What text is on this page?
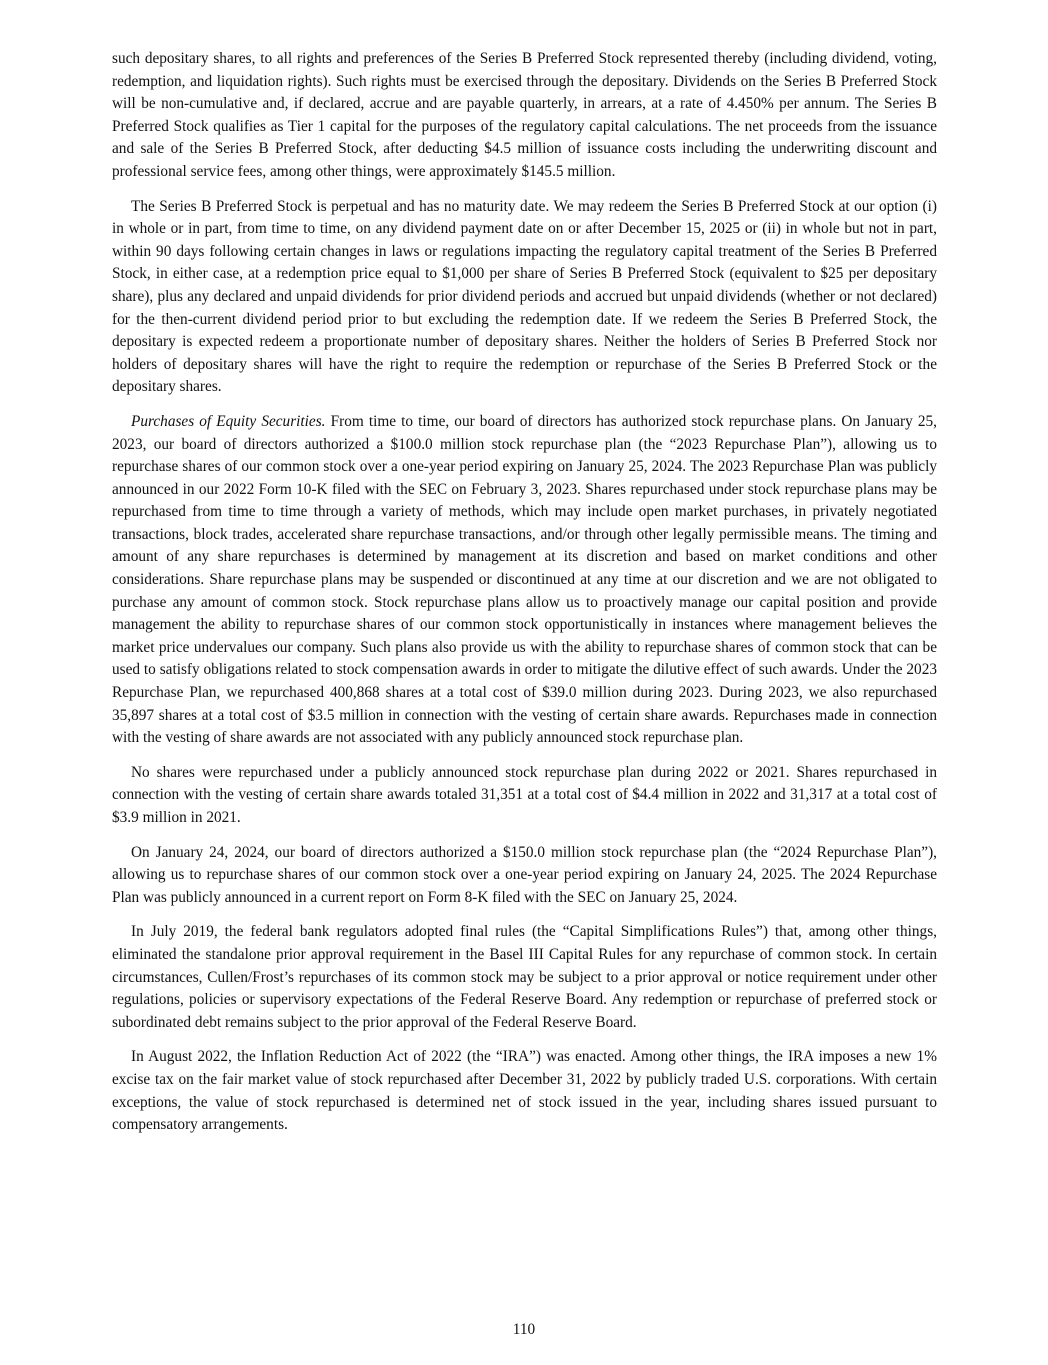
such depositary shares, to all rights and preferences of the Series B Preferred Stock represented thereby (including dividend, voting, redemption, and liquidation rights). Such rights must be exercised through the depositary. Dividends on the Series B Preferred Stock will be non-cumulative and, if declared, accrue and are payable quarterly, in arrears, at a rate of 4.450% per annum. The Series B Preferred Stock qualifies as Tier 1 capital for the purposes of the regulatory capital calculations. The net proceeds from the issuance and sale of the Series B Preferred Stock, after deducting $4.5 million of issuance costs including the underwriting discount and professional service fees, among other things, were approximately $145.5 million.

The Series B Preferred Stock is perpetual and has no maturity date. We may redeem the Series B Preferred Stock at our option (i) in whole or in part, from time to time, on any dividend payment date on or after December 15, 2025 or (ii) in whole but not in part, within 90 days following certain changes in laws or regulations impacting the regulatory capital treatment of the Series B Preferred Stock, in either case, at a redemption price equal to $1,000 per share of Series B Preferred Stock (equivalent to $25 per depositary share), plus any declared and unpaid dividends for prior dividend periods and accrued but unpaid dividends (whether or not declared) for the then-current dividend period prior to but excluding the redemption date. If we redeem the Series B Preferred Stock, the depositary is expected redeem a proportionate number of depositary shares. Neither the holders of Series B Preferred Stock nor holders of depositary shares will have the right to require the redemption or repurchase of the Series B Preferred Stock or the depositary shares.

Purchases of Equity Securities. From time to time, our board of directors has authorized stock repurchase plans. On January 25, 2023, our board of directors authorized a $100.0 million stock repurchase plan (the “2023 Repurchase Plan”), allowing us to repurchase shares of our common stock over a one-year period expiring on January 25, 2024. The 2023 Repurchase Plan was publicly announced in our 2022 Form 10-K filed with the SEC on February 3, 2023. Shares repurchased under stock repurchase plans may be repurchased from time to time through a variety of methods, which may include open market purchases, in privately negotiated transactions, block trades, accelerated share repurchase transactions, and/or through other legally permissible means. The timing and amount of any share repurchases is determined by management at its discretion and based on market conditions and other considerations. Share repurchase plans may be suspended or discontinued at any time at our discretion and we are not obligated to purchase any amount of common stock. Stock repurchase plans allow us to proactively manage our capital position and provide management the ability to repurchase shares of our common stock opportunistically in instances where management believes the market price undervalues our company. Such plans also provide us with the ability to repurchase shares of common stock that can be used to satisfy obligations related to stock compensation awards in order to mitigate the dilutive effect of such awards. Under the 2023 Repurchase Plan, we repurchased 400,868 shares at a total cost of $39.0 million during 2023. During 2023, we also repurchased 35,897 shares at a total cost of $3.5 million in connection with the vesting of certain share awards. Repurchases made in connection with the vesting of share awards are not associated with any publicly announced stock repurchase plan.

No shares were repurchased under a publicly announced stock repurchase plan during 2022 or 2021. Shares repurchased in connection with the vesting of certain share awards totaled 31,351 at a total cost of $4.4 million in 2022 and 31,317 at a total cost of $3.9 million in 2021.

On January 24, 2024, our board of directors authorized a $150.0 million stock repurchase plan (the “2024 Repurchase Plan”), allowing us to repurchase shares of our common stock over a one-year period expiring on January 24, 2025. The 2024 Repurchase Plan was publicly announced in a current report on Form 8-K filed with the SEC on January 25, 2024.

In July 2019, the federal bank regulators adopted final rules (the “Capital Simplifications Rules”) that, among other things, eliminated the standalone prior approval requirement in the Basel III Capital Rules for any repurchase of common stock. In certain circumstances, Cullen/Frost’s repurchases of its common stock may be subject to a prior approval or notice requirement under other regulations, policies or supervisory expectations of the Federal Reserve Board. Any redemption or repurchase of preferred stock or subordinated debt remains subject to the prior approval of the Federal Reserve Board.

In August 2022, the Inflation Reduction Act of 2022 (the “IRA”) was enacted. Among other things, the IRA imposes a new 1% excise tax on the fair market value of stock repurchased after December 31, 2022 by publicly traded U.S. corporations. With certain exceptions, the value of stock repurchased is determined net of stock issued in the year, including shares issued pursuant to compensatory arrangements.

110
